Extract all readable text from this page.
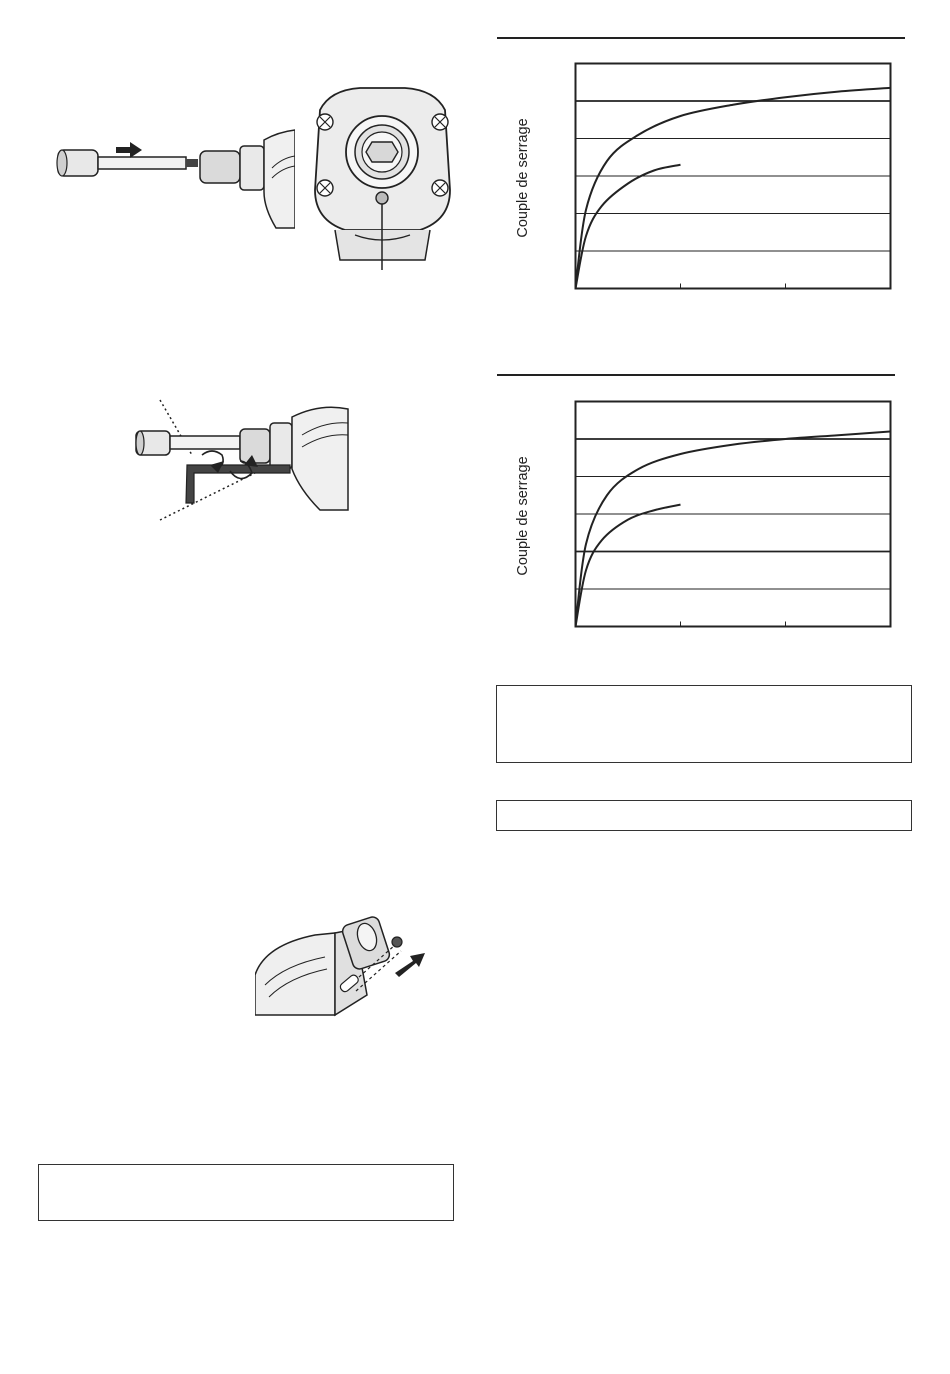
Couple de serrage
Couple de serrage
